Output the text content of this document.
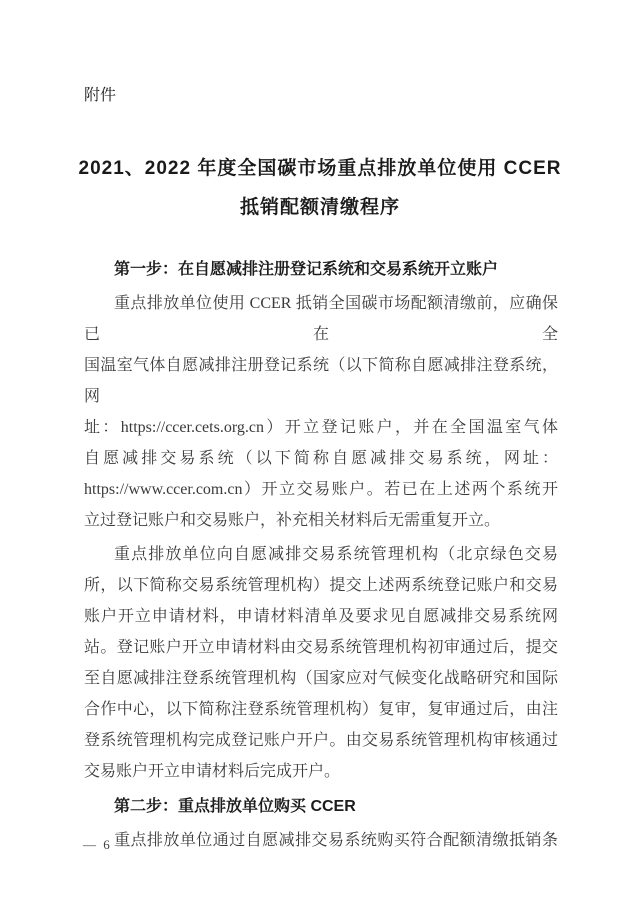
附件
2021、2022 年度全国碳市场重点排放单位使用 CCER
抵销配额清缴程序
第一步：在自愿减排注册登记系统和交易系统开立账户
重点排放单位使用 CCER 抵销全国碳市场配额清缴前，应确保已在全
国温室气体自愿减排注册登记系统（以下简称自愿减排注登系统，网
址：https://ccer.cets.org.cn）开立登记账户，并在全国温室气体
自愿减排交易系统（以下简称自愿减排交易系统，网址：
https://www.ccer.com.cn）开立交易账户。若已在上述两个系统开
立过登记账户和交易账户，补充相关材料后无需重复开立。
重点排放单位向自愿减排交易系统管理机构（北京绿色交易
所，以下简称交易系统管理机构）提交上述两系统登记账户和交易
账户开立申请材料，申请材料清单及要求见自愿减排交易系统网
站。登记账户开立申请材料由交易系统管理机构初审通过后，提交
至自愿减排注登系统管理机构（国家应对气候变化战略研究和国际
合作中心，以下简称注登系统管理机构）复审，复审通过后，由注
登系统管理机构完成登记账户开户。由交易系统管理机构审核通过
交易账户开立申请材料后完成开户。
第二步：重点排放单位购买 CCER
重点排放单位通过自愿减排交易系统购买符合配额清缴抵销条
— 6 —
